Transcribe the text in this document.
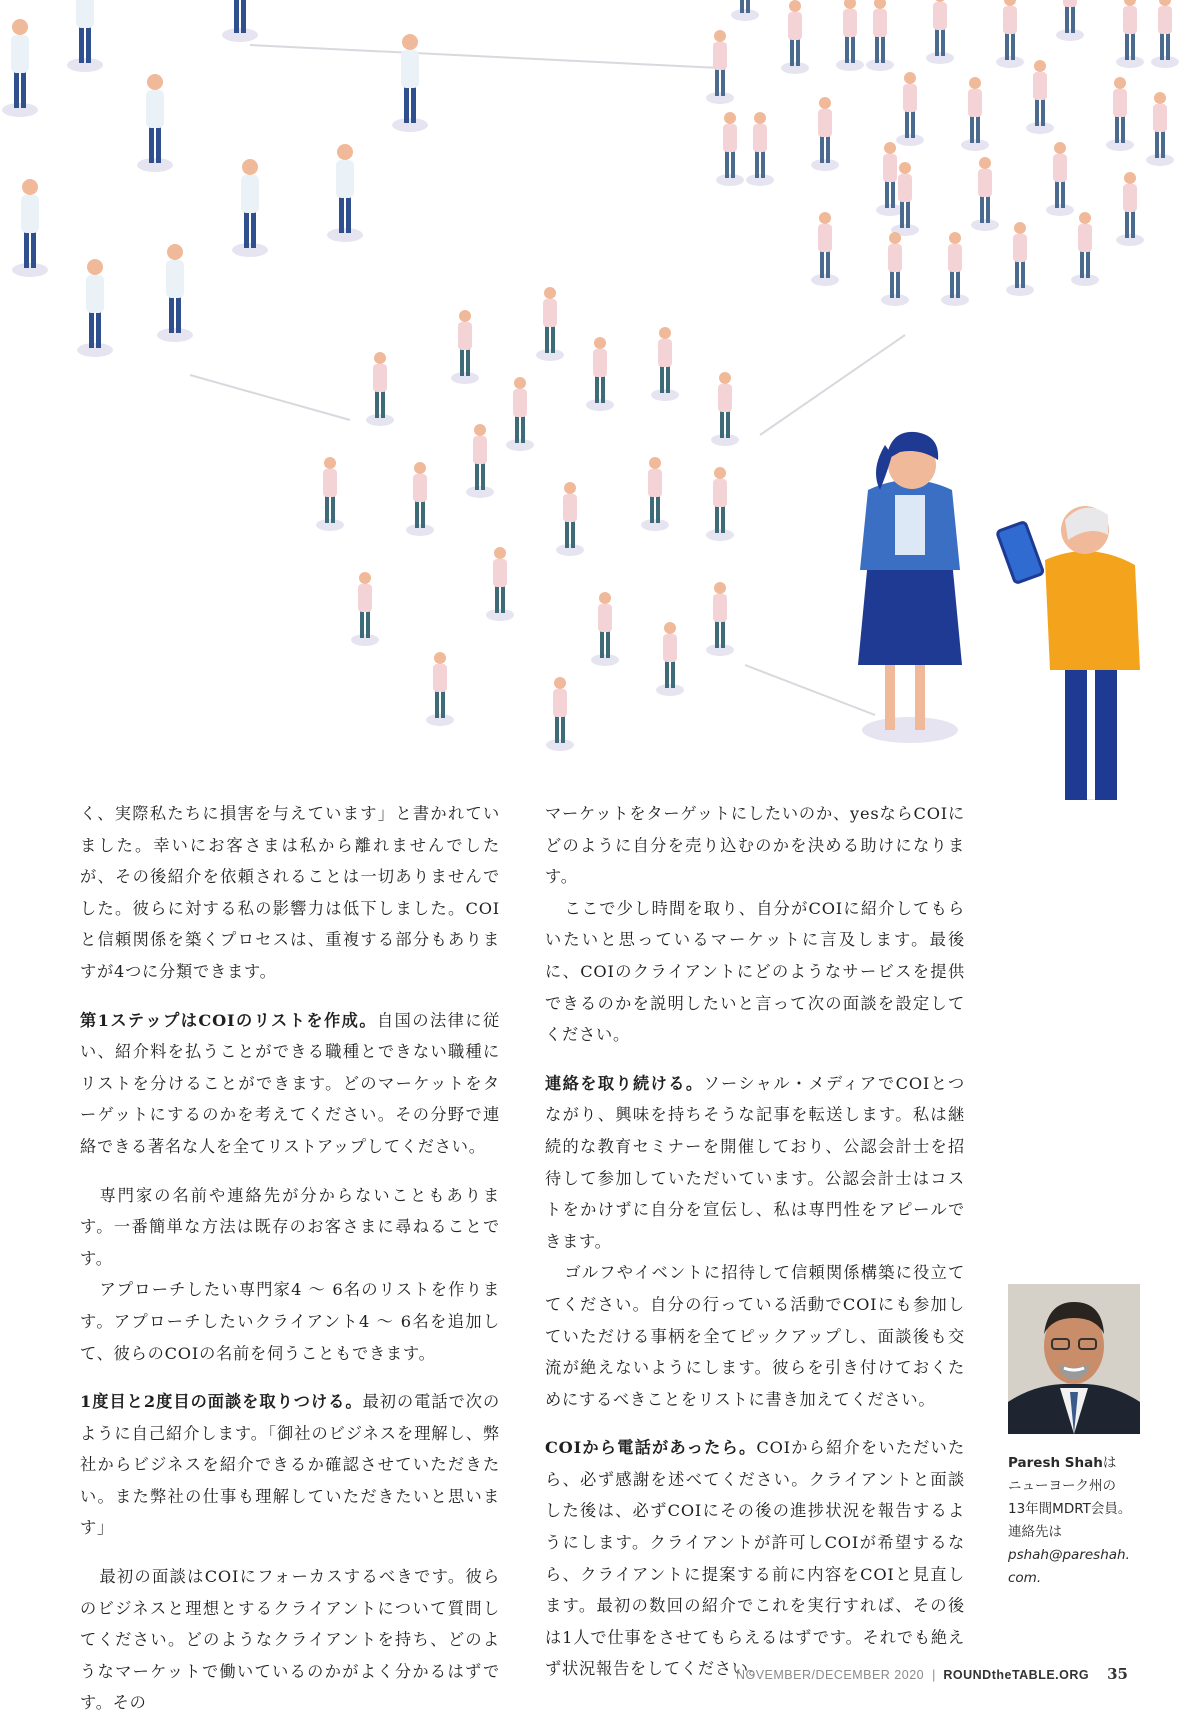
く、実際私たちに損害を与えています」と書かれていました。幸いにお客さまは私から離れませんでしたが、その後紹介を依頼されることは一切ありませんでした。彼らに対する私の影響力は低下しました。COIと信頼関係を築くプロセスは、重複する部分もありますが4つに分類できます。

第1ステップはCOIのリストを作成。自国の法律に従い、紹介料を払うことができる職種とできない職種にリストを分けることができます。どのマーケットをターゲットにするのかを考えてください。その分野で連絡できる著名な人を全てリストアップしてください。

専門家の名前や連絡先が分からないこともあります。一番簡単な方法は既存のお客さまに尋ねることです。

アプローチしたい専門家4 ～ 6名のリストを作ります。アプローチしたいクライアント4 ～ 6名を追加して、彼らのCOIの名前を伺うこともできます。

1度目と2度目の面談を取りつける。最初の電話で次のように自己紹介します。「御社のビジネスを理解し、弊社からビジネスを紹介できるか確認させていただきたい。また弊社の仕事も理解していただきたいと思います」

最初の面談はCOIにフォーカスするべきです。彼らのビジネスと理想とするクライアントについて質問してください。どのようなクライアントを持ち、どのようなマーケットで働いているのかがよく分かるはずです。その

マーケットをターゲットにしたいのか、yesならCOIにどのように自分を売り込むのかを決める助けになります。

ここで少し時間を取り、自分がCOIに紹介してもらいたいと思っているマーケットに言及します。最後に、COIのクライアントにどのようなサービスを提供できるのかを説明したいと言って次の面談を設定してください。

連絡を取り続ける。ソーシャル・メディアでCOIとつながり、興味を持ちそうな記事を転送します。私は継続的な教育セミナーを開催しており、公認会計士を招待して参加していただいています。公認会計士はコストをかけずに自分を宣伝し、私は専門性をアピールできます。

ゴルフやイベントに招待して信頼関係構築に役立ててください。自分の行っている活動でCOIにも参加していただける事柄を全てピックアップし、面談後も交流が絶えないようにします。彼らを引き付けておくためにするべきことをリストに書き加えてください。

COIから電話があったら。COIから紹介をいただいたら、必ず感謝を述べてください。クライアントと面談した後は、必ずCOIにその後の進捗状況を報告するようにします。クライアントが許可しCOIが希望するなら、クライアントに提案する前に内容をCOIと見直します。最初の数回の紹介でこれを実行すれば、その後は1人で仕事をさせてもらえるはずです。それでも絶えず状況報告をしてください。

Paresh Shahは
ニューヨーク州の
13年間MDRT会員。
連絡先は
pshah@pareshah.
com.
NOVEMBER/DECEMBER 2020 | ROUNDtheTABLE.ORG 35
